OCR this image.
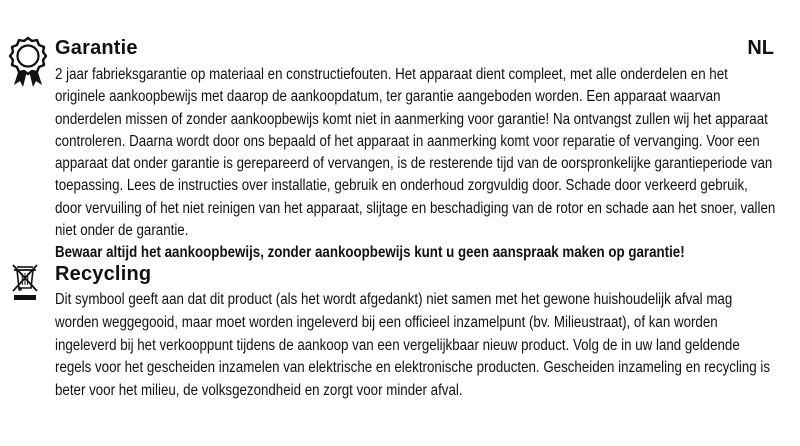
Garantie	NL

2 jaar fabrieksgarantie op materiaal en constructiefouten. Het apparaat dient compleet, met alle onderdelen en het originele aankoopbewijs met daarop de aankoopdatum, ter garantie aangeboden worden. Een apparaat waarvan onderdelen missen of zonder aankoopbewijs komt niet in aanmerking voor garantie! Na ontvangst zullen wij het apparaat controleren. Daarna wordt door ons bepaald of het apparaat in aanmerking komt voor reparatie of vervanging. Voor een apparaat dat onder garantie is gerepareerd of vervangen, is de resterende tijd van de oorspronkelijke garantieperiode van toepassing. Lees de instructies over installatie, gebruik en onderhoud zorgvuldig door. Schade door verkeerd gebruik, door vervuiling of het niet reinigen van het apparaat, slijtage en beschadiging van de rotor en schade aan het snoer, vallen niet onder de garantie.

Bewaar altijd het aankoopbewijs, zonder aankoopbewijs kunt u geen aanspraak maken op garantie!

Recycling

Dit symbool geeft aan dat dit product (als het wordt afgedankt) niet samen met het gewone huishoudelijk afval mag worden weggegooid, maar moet worden ingeleverd bij een officieel inzamelpunt (bv. Milieustraat), of kan worden ingeleverd bij het verkooppunt tijdens de aankoop van een vergelijkbaar nieuw product. Volg de in uw land geldende regels voor het gescheiden inzamelen van elektrische en elektronische producten. Gescheiden inzameling en recycling is beter voor het milieu, de volksgezondheid en zorgt voor minder afval.
